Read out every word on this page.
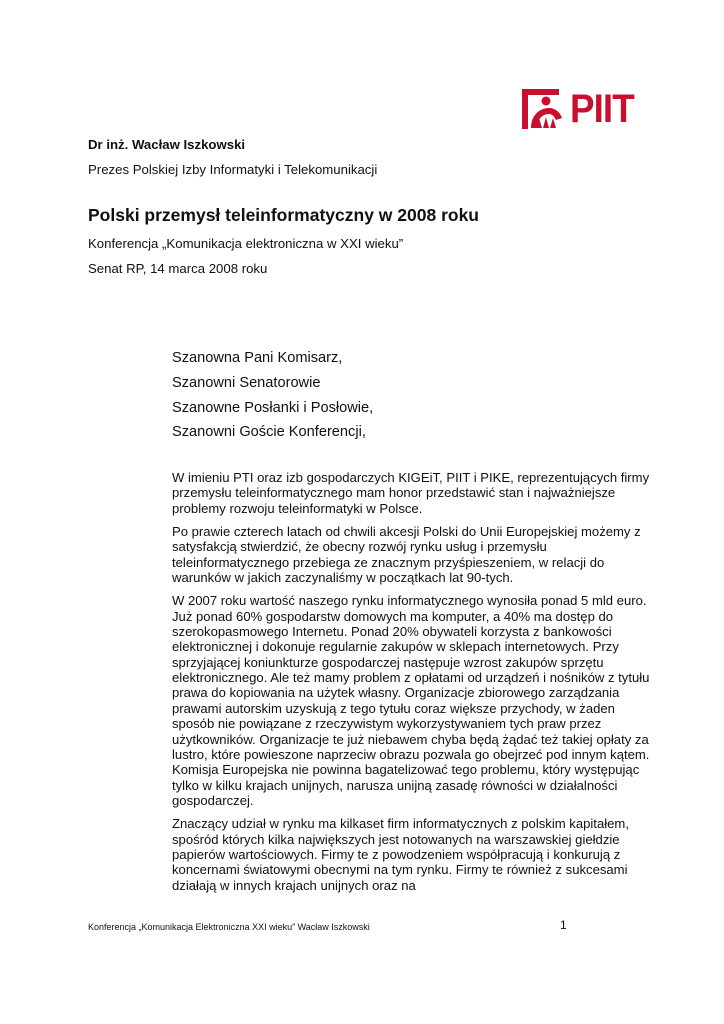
PIIT

Dr inż. Wacław Iszkowski

Prezes Polskiej Izby Informatyki i Telekomunikacji

Polski przemysł teleinformatyczny w 2008 roku

Konferencja „Komunikacja elektroniczna w XXI wieku”

Senat RP, 14 marca 2008 roku

Szanowna Pani Komisarz,
Szanowni Senatorowie
Szanowne Posłanki i Posłowie,
Szanowni Goście Konferencji,

W imieniu PTI oraz izb gospodarczych KIGEiT, PIIT i PIKE, reprezentujących firmy przemysłu teleinformatycznego mam honor przedstawić stan i najważniejsze problemy rozwoju teleinformatyki w Polsce.

Po prawie czterech latach od chwili akcesji Polski do Unii Europejskiej możemy z satysfakcją stwierdzić, że obecny rozwój rynku usług i przemysłu teleinformatycznego przebiega ze znacznym przyśpieszeniem, w relacji do warunków w jakich zaczynaliśmy w początkach lat 90-tych.

W 2007 roku wartość naszego rynku informatycznego wynosiła ponad 5 mld euro. Już ponad 60% gospodarstw domowych ma komputer, a 40% ma dostęp do szerokopasmowego Internetu. Ponad 20% obywateli korzysta z bankowości elektronicznej i dokonuje regularnie zakupów w sklepach internetowych. Przy sprzyjającej koniunkturze gospodarczej następuje wzrost zakupów sprzętu elektronicznego. Ale też mamy problem z opłatami od urządzeń i nośników z tytułu prawa do kopiowania na użytek własny. Organizacje zbiorowego zarządzania prawami autorskim uzyskują z tego tytułu coraz większe przychody, w żaden sposób nie powiązane z rzeczywistym wykorzystywaniem tych praw przez użytkowników. Organizacje te już niebawem chyba będą żądać też takiej opłaty za lustro, które powieszone naprzeciw obrazu pozwala go obejrzeć pod innym kątem. Komisja Europejska nie powinna bagatelizować tego problemu, który występując tylko w kilku krajach unijnych, narusza unijną zasadę równości w działalności gospodarczej.

Znaczący udział w rynku ma kilkaset firm informatycznych z polskim kapitałem, spośród których kilka największych jest notowanych na warszawskiej giełdzie papierów wartościowych. Firmy te z powodzeniem współpracują i konkurują z koncernami światowymi obecnymi na tym rynku. Firmy te również z sukcesami działają w innych krajach unijnych oraz na

Konferencja „Komunikacja Elektroniczna XXI wieku” Wacław Iszkowski	1
